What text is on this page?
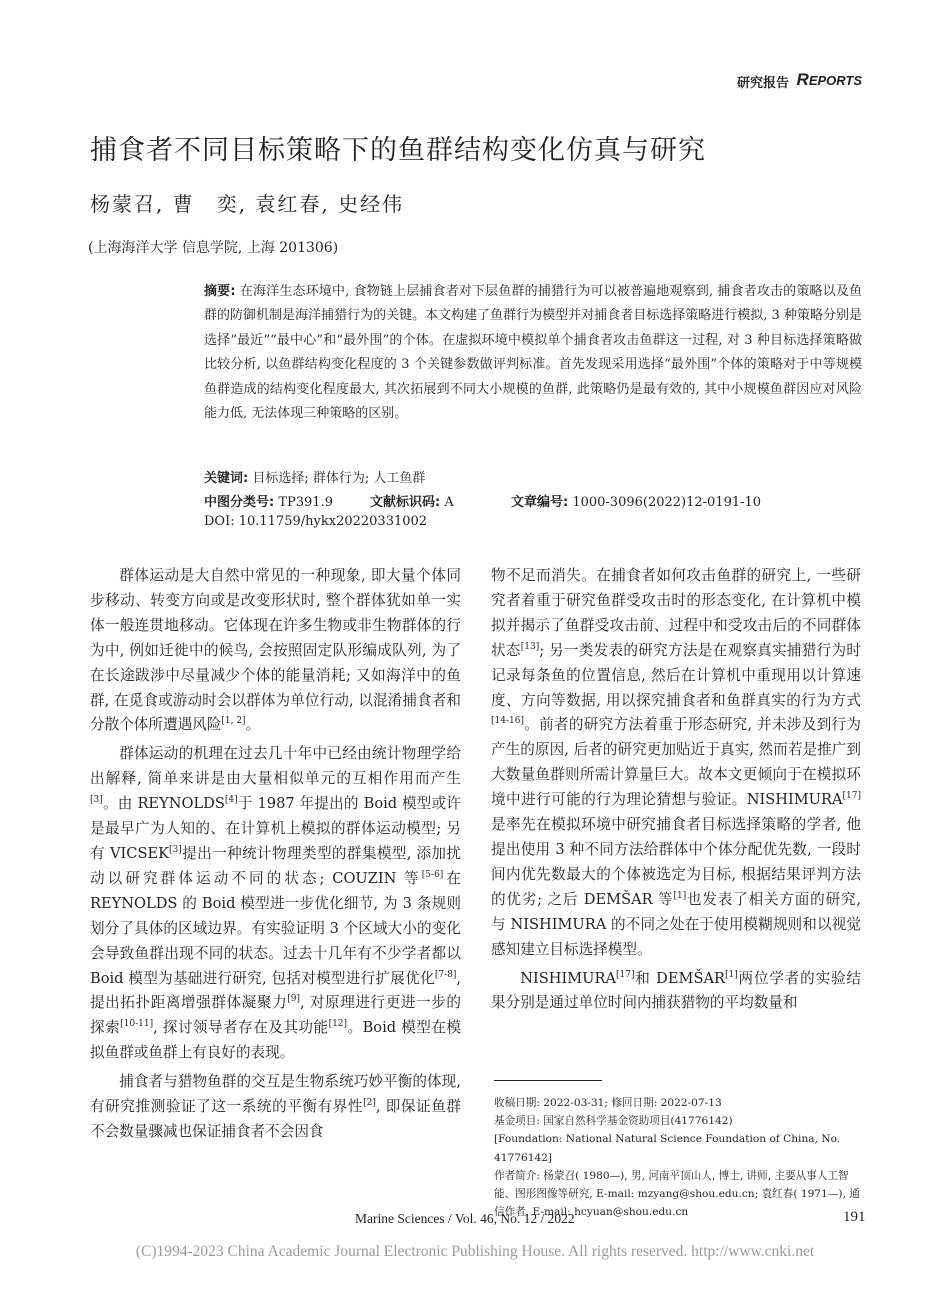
研究报告 REPORTS
捕食者不同目标策略下的鱼群结构变化仿真与研究
杨蒙召, 曹　奕, 袁红春, 史经伟
(上海海洋大学 信息学院, 上海 201306)

摘要: 在海洋生态环境中, 食物链上层捕食者对下层鱼群的捕猎行为可以被普遍地观察到, 捕食者攻击的策略以及鱼群的防御机制是海洋捕猎行为的关键。本文构建了鱼群行为模型并对捕食者目标选择策略进行模拟, 3 种策略分别是选择“最近”“最中心”和“最外围”的个体。在虚拟环境中模拟单个捕食者攻击鱼群这一过程, 对 3 种目标选择策略做比较分析, 以鱼群结构变化程度的 3 个关键参数做评判标准。首先发现采用选择“最外围”个体的策略对于中等规模鱼群造成的结构变化程度最大, 其次拓展到不同大小规模的鱼群, 此策略仍是最有效的, 其中小规模鱼群因应对风险能力低, 无法体现三种策略的区别。

关键词: 目标选择; 群体行为; 人工鱼群
中图分类号: TP391.9	文献标识码: A	文章编号: 1000-3096(2022)12-0191-10
DOI: 10.11759/hykx20220331002

群体运动是大自然中常见的一种现象, 即大量个体同步移动、转变方向或是改变形状时, 整个群体犹如单一实体一般连贯地移动。它体现在许多生物或非生物群体的行为中, 例如迁徙中的候鸟, 会按照固定队形编成队列, 为了在长途跋涉中尽量减少个体的能量消耗; 又如海洋中的鱼群, 在觅食或游动时会以群体为单位行动, 以混淆捕食者和分散个体所遭遇风险[1, 2]。

群体运动的机理在过去几十年中已经由统计物理学给出解释, 简单来讲是由大量相似单元的互相作用而产生[3]。由 REYNOLDS[4]于 1987 年提出的 Boid 模型或许是最早广为人知的、在计算机上模拟的群体运动模型; 另有 VICSEK[3]提出一种统计物理类型的群集模型, 添加扰动以研究群体运动不同的状态; COUZIN 等[5-6]在 REYNOLDS 的 Boid 模型进一步优化细节, 为 3 条规则划分了具体的区域边界。有实验证明 3 个区域大小的变化会导致鱼群出现不同的状态。过去十几年有不少学者都以 Boid 模型为基础进行研究, 包括对模型进行扩展优化[7-8], 提出拓扑距离增强群体凝聚力[9], 对原理进行更进一步的探索[10-11], 探讨领导者存在及其功能[12]。Boid 模型在模拟鱼群或鱼群上有良好的表现。

捕食者与猎物鱼群的交互是生物系统巧妙平衡的体现, 有研究推测验证了这一系统的平衡有界性[2], 即保证鱼群不会数量骤减也保证捕食者不会因食

物不足而消失。在捕食者如何攻击鱼群的研究上, 一些研究者着重于研究鱼群受攻击时的形态变化, 在计算机中模拟并揭示了鱼群受攻击前、过程中和受攻击后的不同群体状态[13]; 另一类发表的研究方法是在观察真实捕猎行为时记录每条鱼的位置信息, 然后在计算机中重现用以计算速度、方向等数据, 用以探究捕食者和鱼群真实的行为方式[14-16]。前者的研究方法着重于形态研究, 并未涉及到行为产生的原因, 后者的研究更加贴近于真实, 然而若是推广到大数量鱼群则所需计算量巨大。故本文更倾向于在模拟环境中进行可能的行为理论猜想与验证。NISHIMURA[17]是率先在模拟环境中研究捕食者目标选择策略的学者, 他提出使用 3 种不同方法给群体中个体分配优先数, 一段时间内优先数最大的个体被选定为目标, 根据结果评判方法的优劣; 之后 DEMŠAR 等[1]也发表了相关方面的研究, 与 NISHIMURA 的不同之处在于使用模糊规则和以视觉感知建立目标选择模型。

NISHIMURA[17]和 DEMŠAR[1]两位学者的实验结果分别是通过单位时间内捕获猎物的平均数量和

收稿日期: 2022-03-31; 修回日期: 2022-07-13
基金项目: 国家自然科学基金资助项目(41776142)
[Foundation: National Natural Science Foundation of China, No. 41776142]
作者简介: 杨蒙召( 1980—), 男, 河南平顶山人, 博士, 讲师, 主要从事人工智能、图形图像等研究, E-mail: mzyang@shou.edu.cn; 袁红春( 1971—), 通信作者, E-mail: hcyuan@shou.edu.cn
Marine Sciences / Vol. 46, No. 12 / 2022	191
(C)1994-2023 China Academic Journal Electronic Publishing House. All rights reserved. http://www.cnki.net
